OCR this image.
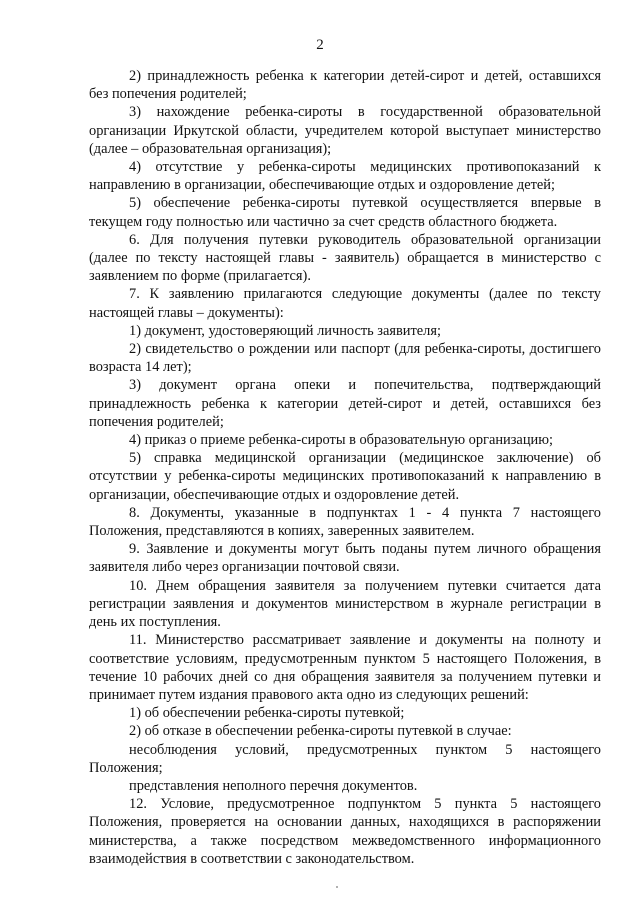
2

2) принадлежность ребенка к категории детей-сирот и детей, оставшихся без попечения родителей;

3) нахождение ребенка-сироты в государственной образовательной организации Иркутской области, учредителем которой выступает министерство (далее – образовательная организация);

4) отсутствие у ребенка-сироты медицинских противопоказаний к направлению в организации, обеспечивающие отдых и оздоровление детей;

5) обеспечение ребенка-сироты путевкой осуществляется впервые в текущем году полностью или частично за счет средств областного бюджета.

6. Для получения путевки руководитель образовательной организации (далее по тексту настоящей главы - заявитель) обращается в министерство с заявлением по форме (прилагается).

7. К заявлению прилагаются следующие документы (далее по тексту настоящей главы – документы):

1) документ, удостоверяющий личность заявителя;

2) свидетельство о рождении или паспорт (для ребенка-сироты, достигшего возраста 14 лет);

3) документ органа опеки и попечительства, подтверждающий принадлежность ребенка к категории детей-сирот и детей, оставшихся без попечения родителей;

4) приказ о приеме ребенка-сироты в образовательную организацию;

5) справка медицинской организации (медицинское заключение) об отсутствии у ребенка-сироты медицинских противопоказаний к направлению в организации, обеспечивающие отдых и оздоровление детей.

8. Документы, указанные в подпунктах 1 - 4 пункта 7 настоящего Положения, представляются в копиях, заверенных заявителем.

9. Заявление и документы могут быть поданы путем личного обращения заявителя либо через организации почтовой связи.

10. Днем обращения заявителя за получением путевки считается дата регистрации заявления и документов министерством в журнале регистрации в день их поступления.

11. Министерство рассматривает заявление и документы на полноту и соответствие условиям, предусмотренным пунктом 5 настоящего Положения, в течение 10 рабочих дней со дня обращения заявителя за получением путевки и принимает путем издания правового акта одно из следующих решений:

1) об обеспечении ребенка-сироты путевкой;

2) об отказе в обеспечении ребенка-сироты путевкой в случае:

несоблюдения условий, предусмотренных пунктом 5 настоящего Положения;

представления неполного перечня документов.

12. Условие, предусмотренное подпунктом 5 пункта 5 настоящего Положения, проверяется на основании данных, находящихся в распоряжении министерства, а также посредством межведомственного информационного взаимодействия в соответствии с законодательством.
